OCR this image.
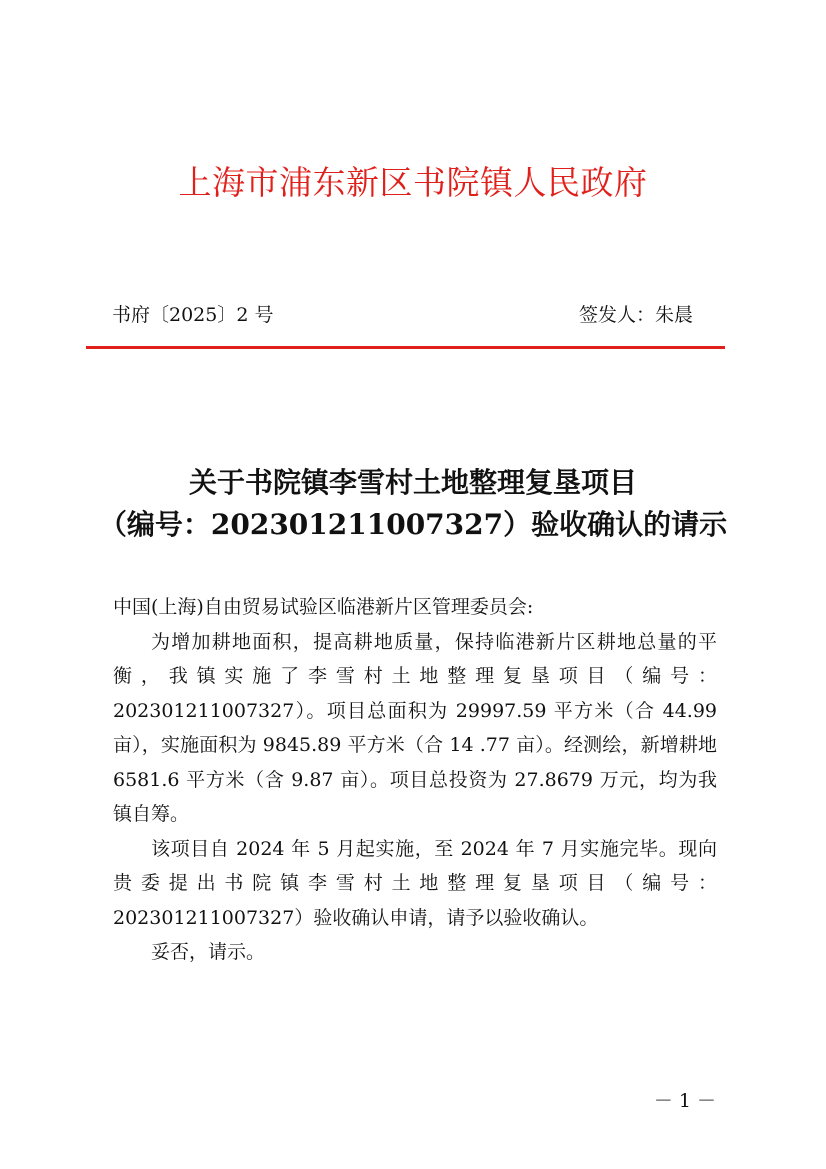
上海市浦东新区书院镇人民政府
书府〔2025〕2 号	签发人：朱晨
关于书院镇李雪村土地整理复垦项目
（编号：202301211007327）验收确认的请示
中国(上海)自由贸易试验区临港新片区管理委员会:

为增加耕地面积，提高耕地质量，保持临港新片区耕地总量的平衡，我镇实施了李雪村土地整理复垦项目（编号：202301211007327）。项目总面积为 29997.59 平方米（合 44.99 亩），实施面积为 9845.89 平方米（合 14 .77 亩）。经测绘，新增耕地 6581.6 平方米（含 9.87 亩）。项目总投资为 27.8679 万元，均为我镇自筹。

该项目自 2024 年 5 月起实施，至 2024 年 7 月实施完毕。现向贵委提出书院镇李雪村土地整理复垦项目（编号：202301211007327）验收确认申请，请予以验收确认。

妥否，请示。
－ 1 －
